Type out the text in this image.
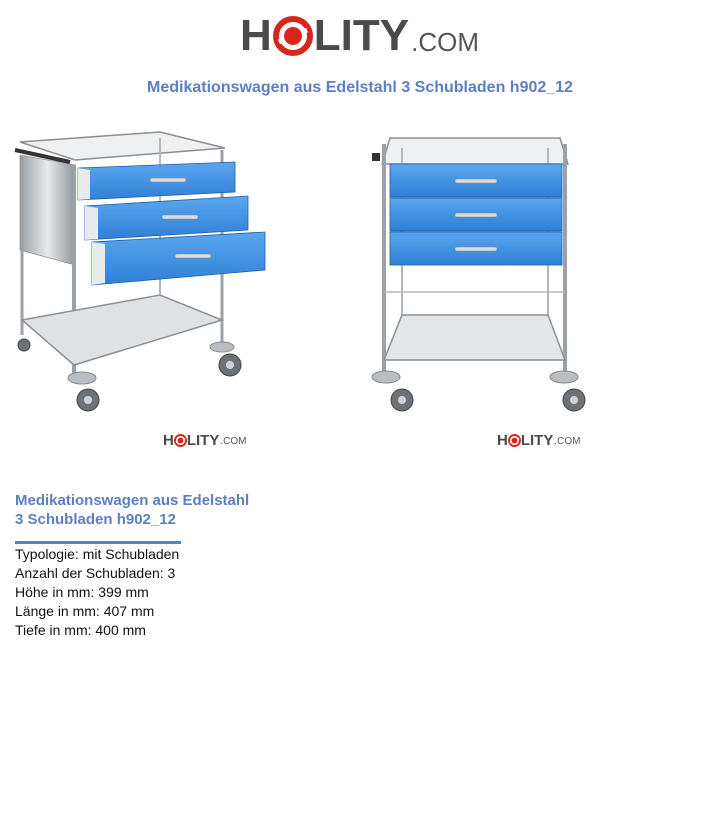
H LITY .COM
Medikationswagen aus Edelstahl 3 Schubladen h902_12
H LITY .COM	H LITY .COM
Medikationswagen aus Edelstahl
3 Schubladen h902_12
Typologie: mit Schubladen
Anzahl der Schubladen: 3
Höhe in mm: 399 mm
Länge in mm: 407 mm
Tiefe in mm: 400 mm
